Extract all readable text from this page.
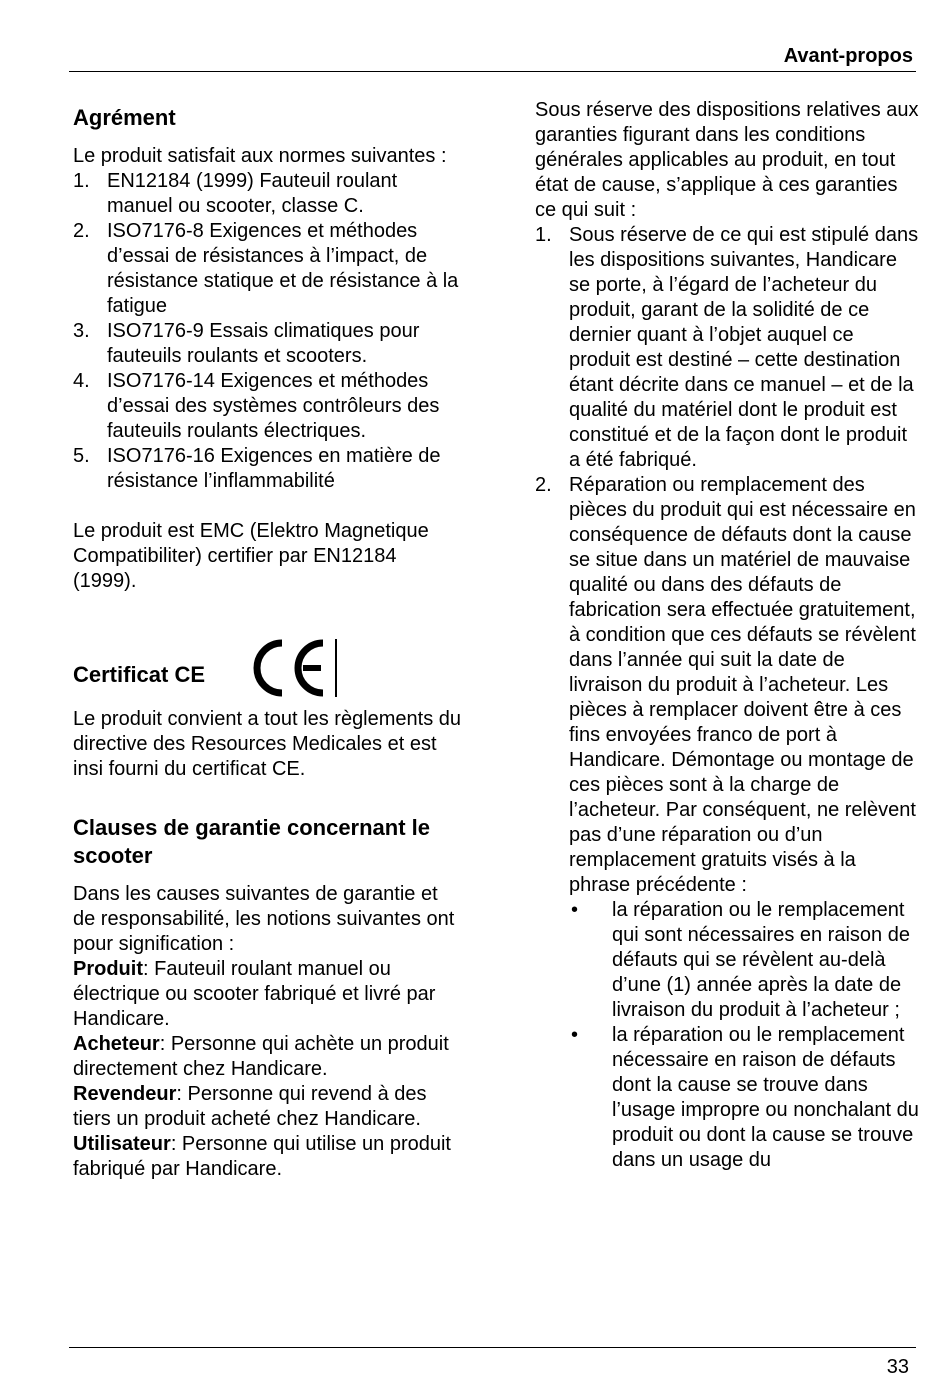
Avant-propos
Agrément

Le produit satisfait aux normes suivantes :

1. EN12184 (1999) Fauteuil roulant manuel ou scooter, classe C.
2. ISO7176-8 Exigences et méthodes d’essai de résistances à l’impact, de résistance statique et de résistance à la fatigue
3. ISO7176-9 Essais climatiques pour fauteuils roulants et scooters.
4. ISO7176-14 Exigences et méthodes d’essai des systèmes contrôleurs des fauteuils roulants électriques.
5. ISO7176-16 Exigences en matière de résistance l’inflammabilité

Le produit est EMC (Elektro Magnetique Compatibiliter) certifier par EN12184 (1999).

Certificat CE

Le produit convient a tout les règlements du directive des Resources Medicales et est insi fourni du certificat CE.

Clauses de garantie concernant le scooter

Dans les causes suivantes de garantie et de responsabilité, les notions suivantes ont pour signification :

Produit: Fauteuil roulant manuel ou électrique ou scooter fabriqué et livré par Handicare.

Acheteur: Personne qui achète un produit directement chez Handicare.

Revendeur: Personne qui revend à des tiers un produit acheté chez Handicare.

Utilisateur: Personne qui utilise un produit fabriqué par Handicare.

Sous réserve des dispositions relatives aux garanties figurant dans les conditions générales applicables au produit, en tout état de cause, s’applique à ces garanties ce qui suit :

1. Sous réserve de ce qui est stipulé dans les dispositions suivantes, Handicare se porte, à l’égard de l’acheteur du produit, garant de la solidité de ce dernier quant à l’objet auquel ce produit est destiné – cette destination étant décrite dans ce manuel – et de la qualité du matériel dont le produit est constitué et de la façon dont le produit a été fabriqué.
2. Réparation ou remplacement des pièces du produit qui est nécessaire en conséquence de défauts dont la cause se situe dans un matériel de mauvaise qualité ou dans des défauts de fabrication sera effectuée gratuitement, à condition que ces défauts se révèlent dans l’année qui suit la date de livraison du produit à l’acheteur. Les pièces à remplacer doivent être à ces fins envoyées franco de port à Handicare. Démontage ou montage de ces pièces sont à la charge de l’acheteur. Par conséquent, ne relèvent pas d’une réparation ou d’un remplacement gratuits visés à la phrase précédente :
• la réparation ou le remplacement qui sont nécessaires en raison de défauts qui se révèlent au-delà d’une (1) année après la date de livraison du produit à l’acheteur ;
• la réparation ou le remplacement nécessaire en raison de défauts dont la cause se trouve dans l’usage impropre ou nonchalant du produit ou dont la cause se trouve dans un usage du
33
